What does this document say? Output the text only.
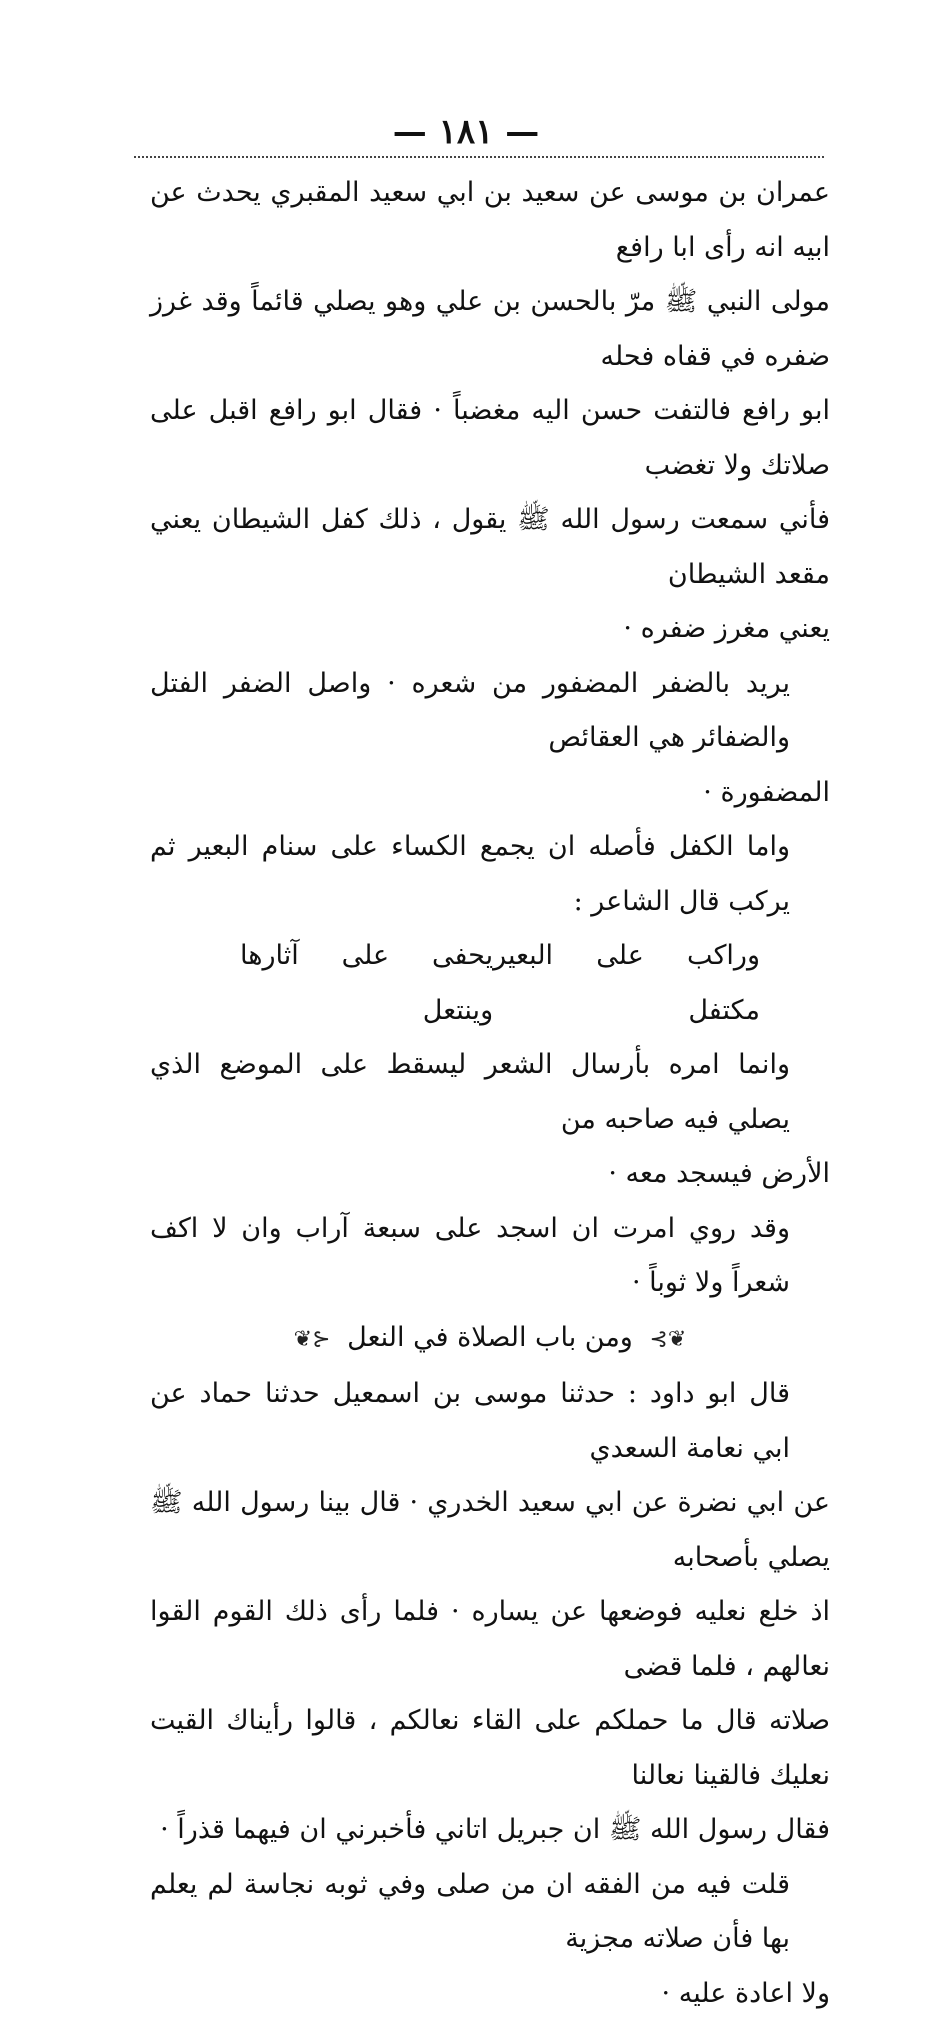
— ١٨١ —

عمران بن موسى عن سعيد بن ابي سعيد المقبري يحدث عن ابيه انه رأى ابا رافع

مولى النبي ﷺ مرّ بالحسن بن علي وهو يصلي قائماً وقد غرز ضفره في قفاه فحله

ابو رافع فالتفت حسن اليه مغضباً · فقال ابو رافع اقبل على صلاتك ولا تغضب

فأني سمعت رسول الله ﷺ يقول ، ذلك كفل الشيطان يعني مقعد الشيطان

يعني مغرز ضفره ·

يريد بالضفر المضفور من شعره · واصل الضفر الفتل والضفائر هي العقائص

المضفورة ·

واما الكفل فأصله ان يجمع الكساء على سنام البعير ثم يركب قال الشاعر :

وراكب على البعير مكتفل
يحفى على آثارها وينتعل

وانما امره بأرسال الشعر ليسقط على الموضع الذي يصلي فيه صاحبه من

الأرض فيسجد معه ·

وقد روي امرت ان اسجد على سبعة آراب وان لا اكف شعراً ولا ثوباً ·

❦⊱ ومن باب الصلاة في النعل ⊰❦

قال ابو داود : حدثنا موسى بن اسمعيل حدثنا حماد عن ابي نعامة السعدي

عن ابي نضرة عن ابي سعيد الخدري · قال بينا رسول الله ﷺ يصلي بأصحابه

اذ خلع نعليه فوضعها عن يساره · فلما رأى ذلك القوم القوا نعالهم ، فلما قضى

صلاته قال ما حملكم على القاء نعالكم ، قالوا رأيناك القيت نعليك فالقينا نعالنا

فقال رسول الله ﷺ ان جبريل اتاني فأخبرني ان فيهما قذراً ·

قلت فيه من الفقه ان من صلى وفي ثوبه نجاسة لم يعلم بها فأن صلاته مجزية

ولا اعادة عليه ·
